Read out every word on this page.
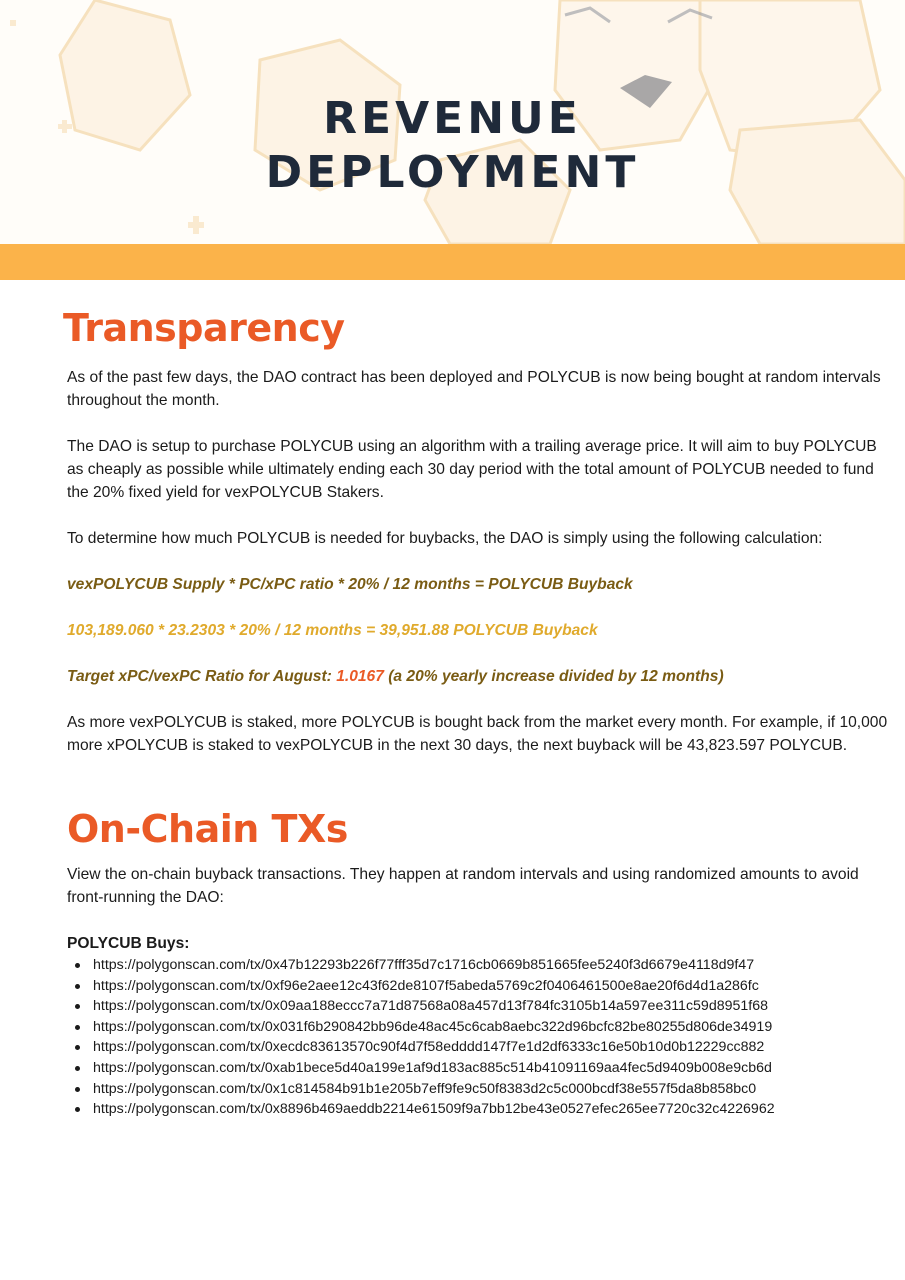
REVENUE
DEPLOYMENT
Transparency

As of the past few days, the DAO contract has been deployed and POLYCUB is now being bought at random intervals throughout the month.

The DAO is setup to purchase POLYCUB using an algorithm with a trailing average price. It will aim to buy POLYCUB as cheaply as possible while ultimately ending each 30 day period with the total amount of POLYCUB needed to fund the 20% fixed yield for vexPOLYCUB Stakers.

To determine how much POLYCUB is needed for buybacks, the DAO is simply using the following calculation:

vexPOLYCUB Supply * PC/xPC ratio * 20% / 12 months = POLYCUB Buyback

103,189.060 * 23.2303 * 20% / 12 months = 39,951.88 POLYCUB Buyback

Target xPC/vexPC Ratio for August: 1.0167 (a 20% yearly increase divided by 12 months)

As more vexPOLYCUB is staked, more POLYCUB is bought back from the market every month. For example, if 10,000 more xPOLYCUB is staked to vexPOLYCUB in the next 30 days, the next buyback will be 43,823.597 POLYCUB.

On-Chain TXs

View the on-chain buyback transactions. They happen at random intervals and using randomized amounts to avoid front-running the DAO:

POLYCUB Buys:

https://polygonscan.com/tx/0x47b12293b226f77fff35d7c1716cb0669b851665fee5240f3d6679e4118d9f47
https://polygonscan.com/tx/0xf96e2aee12c43f62de8107f5abeda5769c2f0406461500e8ae20f6d4d1a286fc
https://polygonscan.com/tx/0x09aa188eccc7a71d87568a08a457d13f784fc3105b14a597ee311c59d8951f68
https://polygonscan.com/tx/0x031f6b290842bb96de48ac45c6cab8aebc322d96bcfc82be80255d806de34919
https://polygonscan.com/tx/0xecdc83613570c90f4d7f58edddd147f7e1d2df6333c16e50b10d0b12229cc882
https://polygonscan.com/tx/0xab1bece5d40a199e1af9d183ac885c514b41091169aa4fec5d9409b008e9cb6d
https://polygonscan.com/tx/0x1c814584b91b1e205b7eff9fe9c50f8383d2c5c000bcdf38e557f5da8b858bc0
https://polygonscan.com/tx/0x8896b469aeddb2214e61509f9a7bb12be43e0527efec265ee7720c32c4226962
